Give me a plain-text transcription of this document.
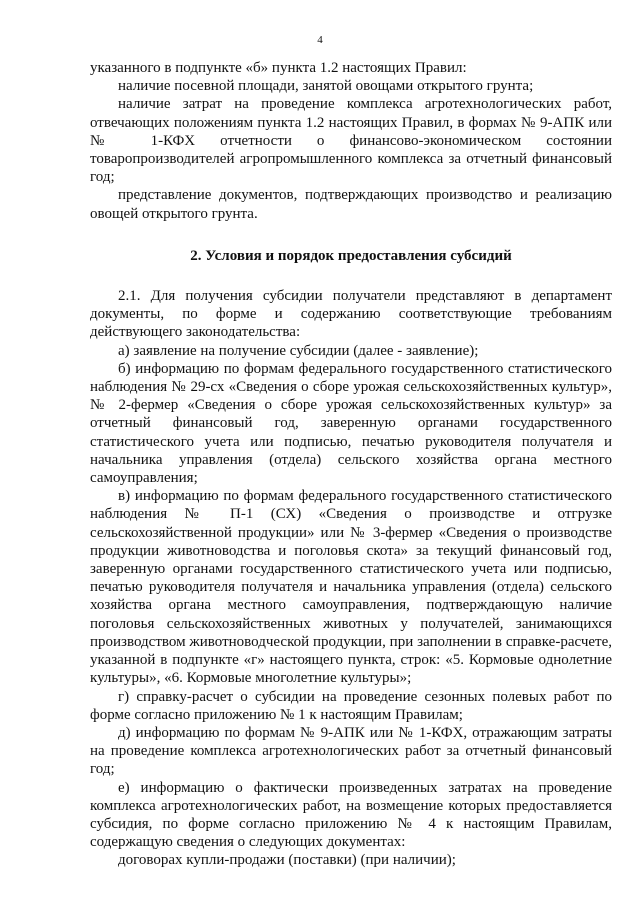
4

указанного в подпункте «б» пункта 1.2 настоящих Правил:

наличие посевной площади, занятой овощами открытого грунта;

наличие затрат на проведение комплекса агротехнологических работ, отвечающих положениям пункта 1.2 настоящих Правил, в формах № 9-АПК или № 1-КФХ отчетности о финансово-экономическом состоянии товаропроизводителей агропромышленного комплекса за отчетный финансовый год;

представление документов, подтверждающих производство и реализацию овощей открытого грунта.

2. Условия и порядок предоставления субсидий

2.1. Для получения субсидии получатели представляют в департамент документы, по форме и содержанию соответствующие требованиям действующего законодательства:

а) заявление на получение субсидии (далее - заявление);

б) информацию по формам федерального государственного статистического наблюдения № 29-сх «Сведения о сборе урожая сельскохозяйственных культур», № 2-фермер «Сведения о сборе урожая сельскохозяйственных культур» за отчетный финансовый год, заверенную органами государственного статистического учета или подписью, печатью руководителя получателя и начальника управления (отдела) сельского хозяйства органа местного самоуправления;

в) информацию по формам федерального государственного статистического наблюдения № П-1 (СХ) «Сведения о производстве и отгрузке сельскохозяйственной продукции» или № 3-фермер «Сведения о производстве продукции животноводства и поголовья скота» за текущий финансовый год, заверенную органами государственного статистического учета или подписью, печатью руководителя получателя и начальника управления (отдела) сельского хозяйства органа местного самоуправления, подтверждающую наличие поголовья сельскохозяйственных животных у получателей, занимающихся производством животноводческой продукции, при заполнении в справке-расчете, указанной в подпункте «г» настоящего пункта, строк: «5. Кормовые однолетние культуры», «6. Кормовые многолетние культуры»;

г) справку-расчет о субсидии на проведение сезонных полевых работ по форме согласно приложению № 1 к настоящим Правилам;

д) информацию по формам № 9-АПК или № 1-КФХ, отражающим затраты на проведение комплекса агротехнологических работ за отчетный финансовый год;

е) информацию о фактически произведенных затратах на проведение комплекса агротехнологических работ, на возмещение которых предоставляется субсидия, по форме согласно приложению № 4 к настоящим Правилам, содержащую сведения о следующих документах:

договорах купли-продажи (поставки) (при наличии);
